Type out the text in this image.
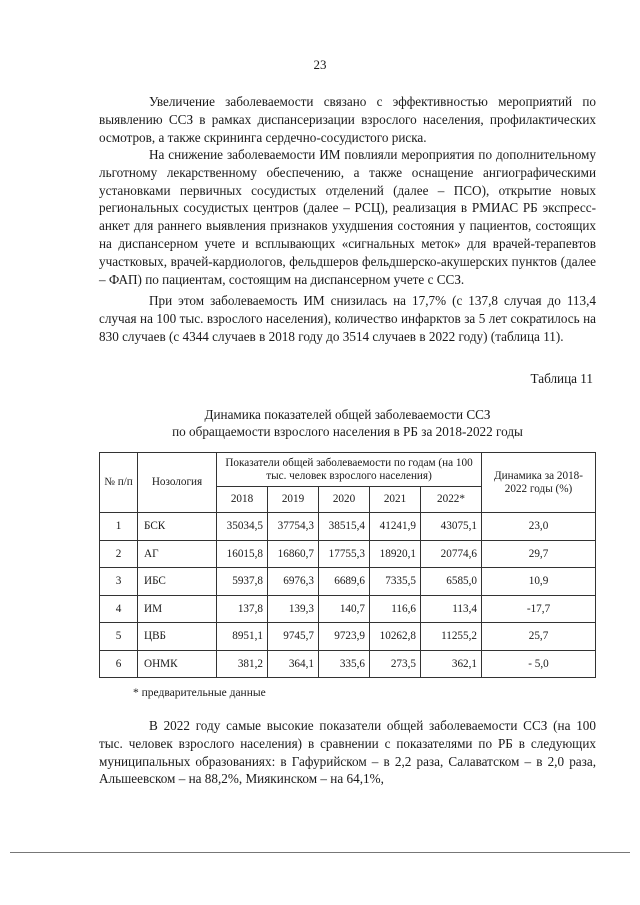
23

Увеличение заболеваемости связано с эффективностью мероприятий по выявлению ССЗ в рамках диспансеризации взрослого населения, профилактических осмотров, а также скрининга сердечно-сосудистого риска.

На снижение заболеваемости ИМ повлияли мероприятия по дополнительному льготному лекарственному обеспечению, а также оснащение ангиографическими установками первичных сосудистых отделений (далее – ПСО), открытие новых региональных сосудистых центров (далее – РСЦ), реализация в РМИАС РБ экспресс-анкет для раннего выявления признаков ухудшения состояния у пациентов, состоящих на диспансерном учете и всплывающих «сигнальных меток» для врачей-терапевтов участковых, врачей-кардиологов, фельдшеров фельдшерско-акушерских пунктов (далее – ФАП) по пациентам, состоящим на диспансерном учете с ССЗ.

При этом заболеваемость ИМ снизилась на 17,7% (с 137,8 случая до 113,4 случая на 100 тыс. взрослого населения), количество инфарктов за 5 лет сократилось на 830 случаев (с 4344 случаев в 2018 году до 3514 случаев в 2022 году) (таблица 11).

Таблица 11
Динамика показателей общей заболеваемости ССЗ
по обращаемости взрослого населения в РБ за 2018-2022 годы
№ п/п	Нозология	Показатели общей заболеваемости по годам (на 100 тыс. человек взрослого населения)					Динамика за 2018- 2022 годы (%)
		2018	2019	2020	2021	2022*	
1	БСК	35034,5	37754,3	38515,4	41241,9	43075,1	23,0
2	АГ	16015,8	16860,7	17755,3	18920,1	20774,6	29,7
3	ИБС	5937,8	6976,3	6689,6	7335,5	6585,0	10,9
4	ИМ	137,8	139,3	140,7	116,6	113,4	-17,7
5	ЦВБ	8951,1	9745,7	9723,9	10262,8	11255,2	25,7
6	ОНМК	381,2	364,1	335,6	273,5	362,1	- 5,0
* предварительные данные

В 2022 году самые высокие показатели общей заболеваемости ССЗ (на 100 тыс. человек взрослого населения) в сравнении с показателями по РБ в следующих муниципальных образованиях: в Гафурийском – в 2,2 раза, Салаватском – в 2,0 раза, Альшеевском – на 88,2%, Миякинском – на 64,1%,
